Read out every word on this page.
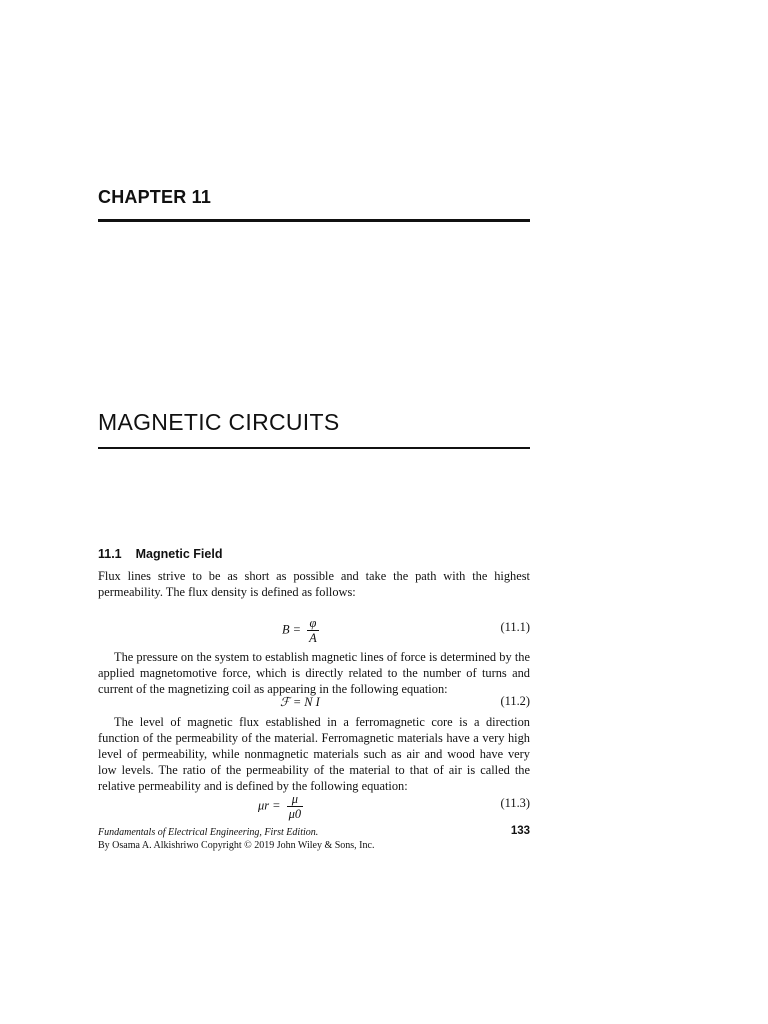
CHAPTER 11
MAGNETIC CIRCUITS
11.1 Magnetic Field

Flux lines strive to be as short as possible and take the path with the highest permeability. The flux density is defined as follows:

$B = \frac{\varphi}{A}$	(11.1)

The pressure on the system to establish magnetic lines of force is determined by the applied magnetomotive force, which is directly related to the number of turns and current of the magnetizing coil as appearing in the following equation:

ℱ = N I	(11.2)

The level of magnetic flux established in a ferromagnetic core is a direction function of the permeability of the material. Ferromagnetic materials have a very high level of permeability, while nonmagnetic materials such as air and wood have very low levels. The ratio of the permeability of the material to that of air is called the relative permeability and is defined by the following equation:

$\mu r = \frac{\mu}{\mu 0}$	(11.3)
Fundamentals of Electrical Engineering, First Edition.
By Osama A. Alkishriwo Copyright © 2019 John Wiley & Sons, Inc.
133
